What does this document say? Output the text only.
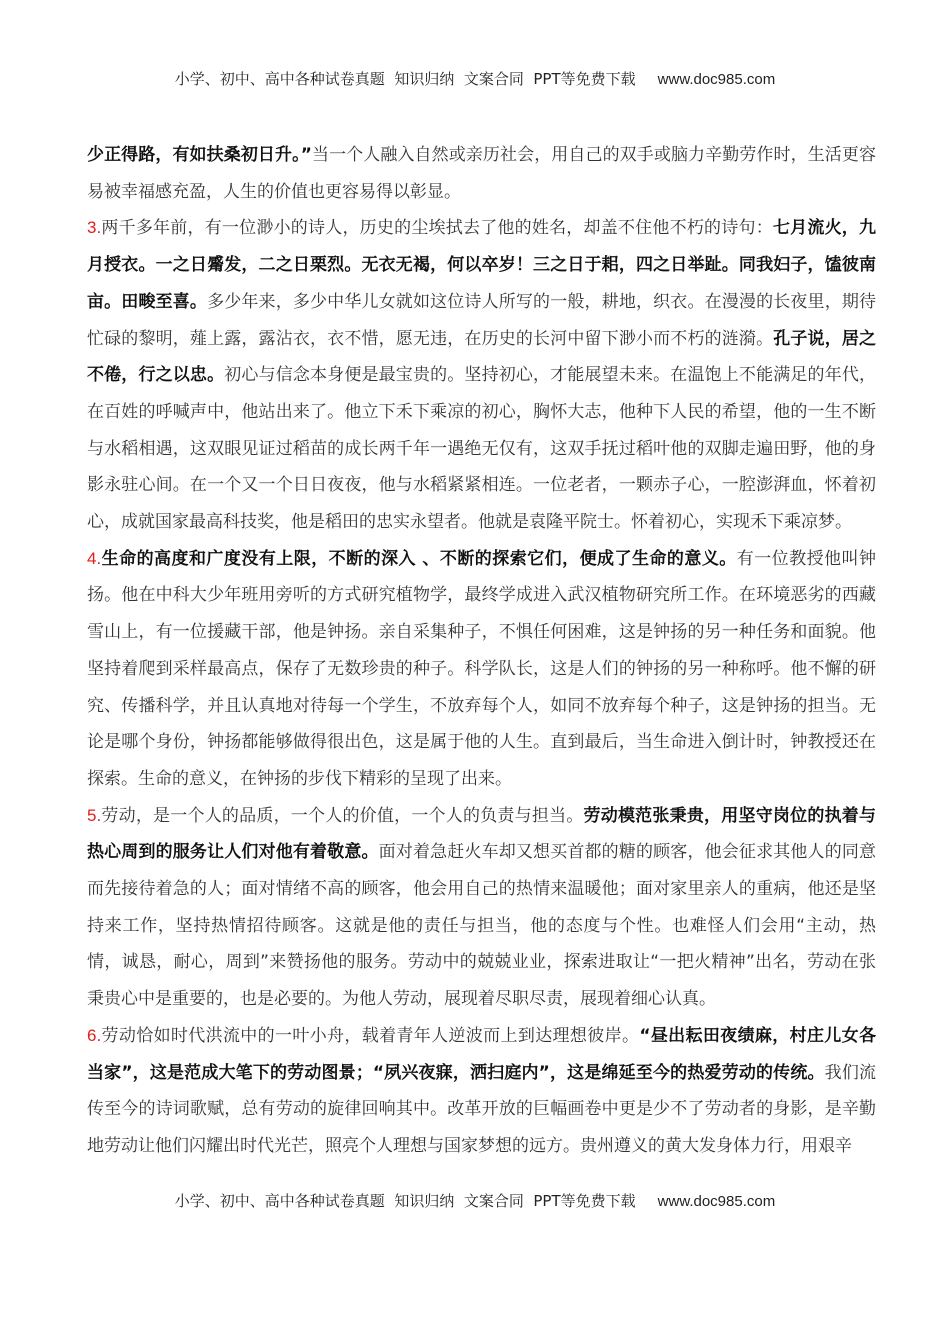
小学、初中、高中各种试卷真题  知识归纳  文案合同  PPT等免费下载 www.doc985.com

少正得路，有如扶桑初日升。”当一个人融入自然或亲历社会，用自己的双手或脑力辛勤劳作时，生活更容易被幸福感充盈，人生的价值也更容易得以彰显。

3.两千多年前，有一位渺小的诗人，历史的尘埃拭去了他的姓名，却盖不住他不朽的诗句：七月流火，九月授衣。一之日觱发，二之日栗烈。无衣无褐，何以卒岁！三之日于耜，四之日举趾。同我妇子，馌彼南亩。田畯至喜。多少年来，多少中华儿女就如这位诗人所写的一般，耕地，织衣。在漫漫的长夜里，期待忙碌的黎明，薤上露，露沾衣，衣不惜，愿无违，在历史的长河中留下渺小而不朽的涟漪。孔子说，居之不倦，行之以忠。初心与信念本身便是最宝贵的。坚持初心，才能展望未来。在温饱上不能满足的年代，在百姓的呼喊声中，他站出来了。他立下禾下乘凉的初心，胸怀大志，他种下人民的希望，他的一生不断与水稻相遇，这双眼见证过稻苗的成长两千年一遇绝无仅有，这双手抚过稻叶他的双脚走遍田野，他的身影永驻心间。在一个又一个日日夜夜，他与水稻紧紧相连。一位老者，一颗赤子心，一腔澎湃血，怀着初心，成就国家最高科技奖，他是稻田的忠实永望者。他就是袁隆平院士。怀着初心，实现禾下乘凉梦。

4.生命的高度和广度没有上限，不断的深入 、不断的探索它们，便成了生命的意义。有一位教授他叫钟扬。他在中科大少年班用旁听的方式研究植物学，最终学成进入武汉植物研究所工作。在环境恶劣的西藏雪山上，有一位援藏干部，他是钟扬。亲自采集种子，不惧任何困难，这是钟扬的另一种任务和面貌。他坚持着爬到采样最高点，保存了无数珍贵的种子。科学队长，这是人们的钟扬的另一种称呼。他不懈的研究、传播科学，并且认真地对待每一个学生，不放弃每个人，如同不放弃每个种子，这是钟扬的担当。无论是哪个身份，钟扬都能够做得很出色，这是属于他的人生。直到最后，当生命进入倒计时，钟教授还在探索。生命的意义，在钟扬的步伐下精彩的呈现了出来。

5.劳动，是一个人的品质，一个人的价值，一个人的负责与担当。劳动模范张秉贵，用坚守岗位的执着与热心周到的服务让人们对他有着敬意。面对着急赶火车却又想买首都的糖的顾客，他会征求其他人的同意而先接待着急的人；面对情绪不高的顾客，他会用自己的热情来温暖他；面对家里亲人的重病，他还是坚持来工作，坚持热情招待顾客。这就是他的责任与担当，他的态度与个性。也难怪人们会用“主动，热情，诚恳，耐心，周到”来赞扬他的服务。劳动中的兢兢业业，探索进取让“一把火精神”出名，劳动在张秉贵心中是重要的，也是必要的。为他人劳动，展现着尽职尽责，展现着细心认真。

6.劳动恰如时代洪流中的一叶小舟，载着青年人逆波而上到达理想彼岸。“昼出耘田夜绩麻，村庄儿女各当家”，这是范成大笔下的劳动图景；“夙兴夜寐，洒扫庭内”，这是绵延至今的热爱劳动的传统。我们流传至今的诗词歌赋，总有劳动的旋律回响其中。改革开放的巨幅画卷中更是少不了劳动者的身影，是辛勤地劳动让他们闪耀出时代光芒，照亮个人理想与国家梦想的远方。贵州遵义的黄大发身体力行，用艰辛

小学、初中、高中各种试卷真题  知识归纳  文案合同  PPT等免费下载 www.doc985.com
